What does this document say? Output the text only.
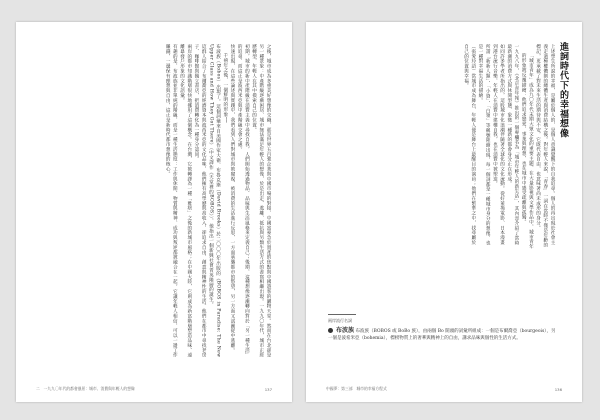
之後，城市成為多重美好想像的交織，那是世界五百強企業與中國市場的對接、中國富豪急於置產的焦點與中國遊客的購物天堂。然而在台北卻是另一種景象：中產階級逐漸困居、城市無法滿足年輕人的想像，於是出走、逃離、抵抗與另類生活方式的書寫相繼出現。一九九〇年代，城市正經歷轉型，年輕人在其中摸索自己的位置。

初期，城市的新中產階級在消費主義中尋找自我，人們開始透過物品、品味與生活風格來定義自己；後期，這種想像逐漸轉向對於「另一種生活」的追尋，而這正是波西米亞與中產階級交會之處。

快速出現，在這些論述與實踐中，我們看到人們對城市與被窺視、被消費的生活進行反思，一方面承襲都市的慾望，另一方面又試圖從中逃離。

千禧年之後，一個鮮明的形象──

布波族（Bobos）出現了。這個詞彙來自美國作家大衛．布魯克斯（David Brooks）於二〇〇〇年出版的《BOBOS in Paradise: The New Upper Class and How They Got There》（中文譯作《天堂裡的BOBOS》），他指出一個新興社會菁英階層的誕生。

這群人結合了布爾喬亞的經濟資本與波西米亞的文化品味，他們擁有高學歷與高收入，卻追求自由、創意與精神性的生活。他們在都市中尋找老房子、咖啡館與獨立書店，把消費轉化為一種身分認同。

兩岸的都市知識階層很快地挪用了這個概念。在台灣，它被轉譯為一種「雅痞」之後的新城市風格；在中國大陸，它則成為新富階層塑造品味、遠離暴發戶形象的文化語彙。

有趣的是，布波族並非單純的階級，而是一種生活態度：工作與休閒、物質與精神、成功與叛逆都被融合在一起。它讓年輕人相信，可以一邊工作賺錢，一邊保有理想與自由，這正是新時代都市想像的核心。

二　一九九〇年代的都會風景：城市、消費與年輕人的想像	137
進詞時代下的幸福想像

上述學生所說的幸福，是屬於個人的，是個人意識覺醒下的自我追尋。個人的再出現於社會主義走過極權體制的總體生產與消費結構之後。對年輕人來說，「青春」一詞在當時不僅是年齡的標記，更承載了對未來生活的期待與不安，它既代表自由，也意味著尚未成形的身分。

「城市青年」成為九〇年代末期大眾文化的重要主題，在大量影視與文學作品中，城市青年的形象被反覆描繪：他們追求戀愛、事業與理想，也在城市中感受疏離與孤獨。

一九九八年，《北京青年報》推出的一個專欄名為「城市年輕人的新生活」，其內容介紹了當時最新潮的消費方式與休閒型態，象徵一種新的都會身分正在形成。

如同許多學者所指出的，這股城市化浪潮伴隨著全球化的文化流動。從好萊塢電影、日本漫畫到港台流行音樂，年輕人在消費中建構自我，也在消費中被塑造。

所謂「新新人類」、「小資」、「白領」等稱號陸續出現，每一個詞都是一種城市身分的想像，也是一種對幸福生活的描繪。

（張愛玲語）當城市成為舞台，年輕人便是舞台上最醒目的演員；他們在繁華之中，找尋屬於自己的位置與幸福。

兩岸流行名詞
布波族 布波族（BOBOS 或 BoBo 族），由兩個 Bo 開頭的詞彙所組成：一個是布爾喬亞（bourgeois），另一個是波希米亞（bohemia），標榜物質上的奢華與精神上的自由，講求品味與個性的生活方式。
中國夢：第三部　城市的幸福方程式	136
